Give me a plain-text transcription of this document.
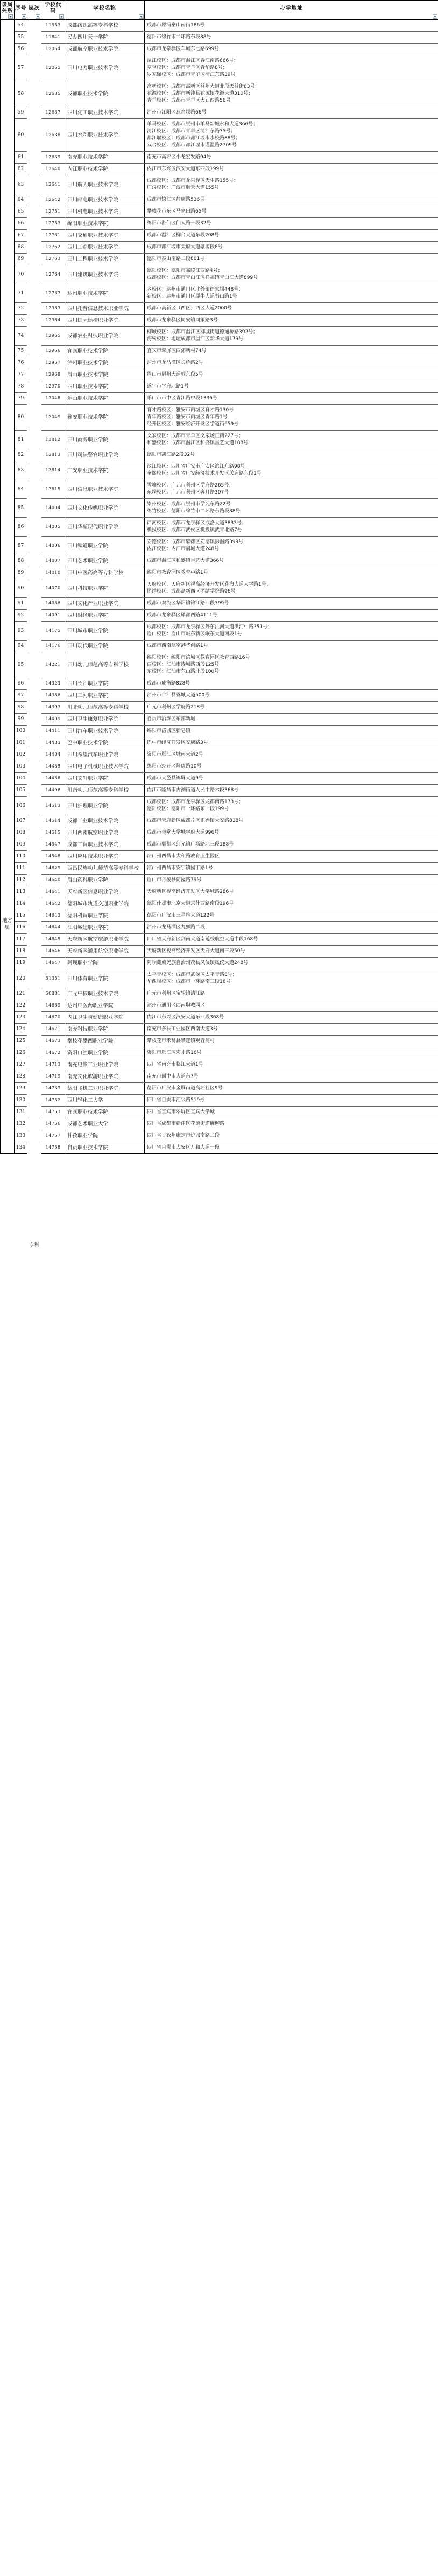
隶属关系	序号	层次	学校代码	学校名称	办学地址

地方属	54	专科	11553	成都纺织高等专科学校	成都市犀浦泰山南街186号

	55		11841	民办四川天一学院	德阳市绵竹市二环路东段88号

	56		12064	成都航空职业技术学院	成都市龙泉驿区车城东七路699号

	57		12065	四川电力职业技术学院	温江校区：成都市温江区春江南路666号；
草堂校区：成都市青羊区青华路8号；
罗家碾校区：成都市青羊区清江东路39号

	58		12635	成都职业技术学院	高新校区：成都市高新区益州大道北段天益街83号；
花源校区：成都市新津县花源镇花源大道310号；
青羊校区：成都市青羊区大石西路56号

	59		12637	四川化工职业技术学院	泸州市江阳区瓦窑坝路66号

	60		12638	四川水利职业技术学院	羊马校区：成都市崇州市羊马新城永和大道366号；
清江校区：成都市青羊区清江东路35号；
都江堰校区：成都市都江堰市水校路88号；
双合校区：成都市都江堰市灌温路2709号

	61		12639	南充职业技术学院	南充市高坪区小龙宏发路94号

	62		12640	内江职业技术学院	内江市东兴区汉安大道东四段199号

	63		12641	四川航天职业技术学院	成都校区：成都市龙泉驿区天生路155号；
广汉校区：广汉市航天大道155号

	64		12642	四川邮电职业技术学院	成都市锦江区静康路536号

	65		12751	四川机电职业技术学院	攀枝花市东区马家田路65号

	66		12753	绵阳职业技术学院	绵阳市游仙区仙人路一段32号

	67		12761	四川交通职业技术学院	成都市温江区柳台大道东段208号

	68		12762	四川工商职业技术学院	成都市都江堰市天府大道聚源段8号

	69		12763	四川工程职业技术学院	德阳市泰山南路二段801号

	70		12764	四川建筑职业技术学院	德阳校区：德阳市嘉陵江西路4号；
成都校区：成都市青白江区祥福镇青白江大道899号

	71		12767	达州职业技术学院	老校区：达州市通川区北外镇徐家坝448号；
新校区：达州市通川区犀牛大道书山路1号

	72		12963	四川托普信息技术职业学院	成都市高新区（西区）西区大道2000号

	73		12964	四川国际标榜职业学院	成都市龙泉驿区同安镇同策路3号

	74		12965	成都农业科技职业学院	柳城校区：成都市温江区柳城街道德通桥路392号；
海科校区：地址成都市温江区新华大道179号

	75		12966	宜宾职业技术学院	宜宾市翠屏区西郊新村74号

	76		12967	泸州职业技术学院	泸州市龙马潭区长桥路2号

	77		12968	眉山职业技术学院	眉山市眉州大道岷东段5号

	78		12970	四川职业技术学院	遂宁市学府北路1号

	79		13048	乐山职业技术学院	乐山市市中区青江路中段1336号

	80		13049	雅安职业技术学院	育才路校区：雅安市雨城区育才路130号
青年路校区：雅安市雨城区青年路1号
经开区校区：雅安经济开发区学道街659号

	81		13812	四川商务职业学院	文家校区：成都市青羊区文家场正街227号；
和盛校区：成都市温江区和盛镇星艺大道188号

	82		13813	四川司法警官职业学院	德阳市凯江路2段32号

	83		13814	广安职业技术学院	滨江校区：四川省广安市广安区滨江东路98号；
奎阁校区：四川省广安经济技术开发区关庙路东段1号

	84		13815	四川信息职业技术学院	雪峰校区：广元市利州区学府路265号；
东坝校区：广元市利州区奔月路307号

	85		14004	四川文化传媒职业学院	崇州校区：成都市崇州市学苑东路22号
绵竹校区：德阳市绵竹市二环路东路段88号

	86		14005	四川华新现代职业学院	西河校区：成都市龙泉驿区成洛大道3833号；
机投校区：成都市武侯区机投镇武青北路7号

	87		14006	四川铁道职业学院	安德校区：成都市郫都区安德镇彭温路399号
内江校区：内江市甜城大道248号

	88		14007	四川艺术职业学院	成都市温江区和盛镇星艺大道366号

	89		14010	四川中医药高等专科学校	绵阳市教育园区教育中路1号

	90		14070	四川科技职业学院	天府校区：天府新区视高经济开发区花海大道大学路1号；
团结校区：成都高新西区团结学院路96号

	91		14086	四川文化产业职业学院	成都市双流区华阳镇锦江路四段399号

	92		14091	四川财经职业学院	成都市龙泉驿区驿都西路4111号

	93		14175	四川城市职业学院	成都校区：成都市龙泉驿区外东洪河大道洪河中路351号；
眉山校区：眉山市岷东新区岷东大道南段1号

	94		14176	四川现代职业学院	成都市西南航空港华创路1号

	95		14221	四川幼儿师范高等专科学校	绵阳校区：绵阳市涪城区教育园区教育西路16号
西校区：江油市诗城路西段125号
东校区：江油市东山路北段100号

	96		14323	四川长江职业学院	成都市成洛路828号

	97		14386	四川三河职业学院	泸州市合江县荔城大道500号

	98		14393	川北幼儿师范高等专科学校	广元市利州区学府路218号

	99		14409	四川卫生康复职业学院	自贡市沿滩区东部新城

	100		14411	四川汽车职业技术学院	绵阳市涪城区新皂镇

	101		14483	巴中职业技术学院	巴中市经济开发区安康路3号

	102		14484	四川希望汽车职业学院	资阳市雁江区城南大道2号

	103		14485	四川电子机械职业技术学院	绵阳市经开区隆康路10号

	104		14486	四川文轩职业学院	成都市大邑县锦屏大道9号

	105		14496	川南幼儿师范高等专科学校	内江市隆昌市古湖街道人民中路六段368号

	106		14513	四川护理职业学院	成都校区：成都市龙泉驿区龙都南路173号；
德阳校区：德阳市一环路东一段199号

	107		14514	成都工业职业技术学院	成都市天府新区成都片区正兴镇大安路818号

	108		14515	四川西南航空职业学院	成都市金堂大学城学府大道996号

	109		14547	成都工贸职业技术学院	成都市郫都区红光镇广场路北三段188号

	110		14548	四川应用技术职业学院	凉山州西昌市太和路教育卫生园区

	111		14629	西昌民族幼儿师范高等专科学校	凉山州西昌市安宁镇园丁路1号

	112		14640	眉山药科职业学院	眉山市丹棱县葡园路79号

	113		14641	天府新区信息职业学院	天府新区视高经济开发区大学城路286号

	114		14642	德阳城市轨道交通职业学院	德阳什邡市北京大道京什西路南段196号

	115		14643	德阳科贸职业学院	德阳市广汉市三星堆大道122号

	116		14644	江阳城建职业学院	泸州市龙马潭区九狮路二段

	117		14645	天府新区航空旅游职业学院	四川省天府新区剑南大道南延线航空大道中段168号

	118		14646	天府新区通用航空职业学院	天府新区视高经济开发区天府大道南三段50号

	119		14647	阿坝职业学院	阿坝藏族羌族自治州茂县凤仪镇凤仪大道248号

	120		51351	四川体育职业学院	太平寺校区：成都市武侯区太平寺路8号；
华西坝校区：成都市一环路南三段16号

	121		50881	广元中核职业技术学院	广元市利州区宝轮镇清江路

	122		14669	达州中医药职业学院	达州市通川区西南职教园区

	123		14670	内江卫生与健康职业学院	内江市东兴区汉安大道东四段368号

	124		14671	南充科技职业学院	南充市多扶工业园区西南大道3号

	125		14673	攀枝花攀西职业学院	攀枝花市米易县攀莲镇观音阁村

	126		14672	资阳口腔职业学院	资阳市雁江区宏才路16号

	127		14713	南充电影工业职业学院	四川省南充市临江大道1号

	128		14719	南充文化旅游职业学院	南充市阆中市大道东7号

	129		14739	德阳飞机工业职业学院	德阳市广汉市金雁街道高坪社区9号

	130		14752	四川轻化工大学	四川省自贡市汇兴路519号

	131		14753	宜宾职业技术学院	四川省宜宾市翠屏区宜宾大学城

	132		14756	成都艺术职业大学	四川省成都市新津区花源街道麻柳路

	133		14757	甘孜职业学院	四川省甘孜州康定市炉城南路二段

	134		14758	自贡职业技术学院	四川省自贡市大安区万和大道一段
